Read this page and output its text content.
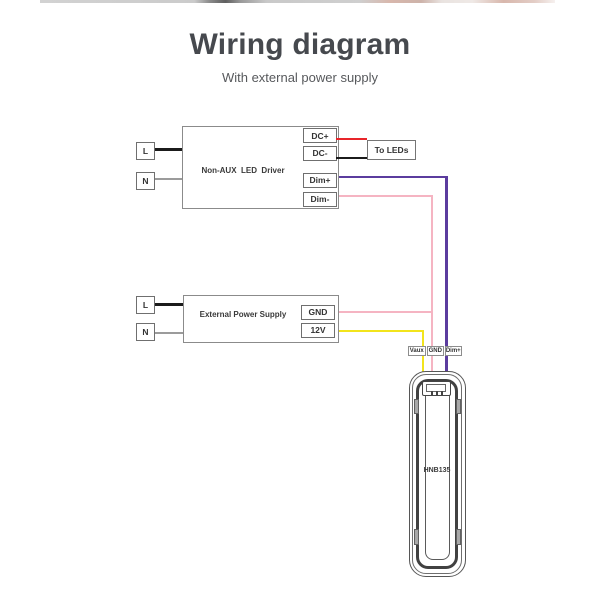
Wiring diagram
With external power supply
L
N
Non-AUX  LED  Driver
DC+
DC-
Dim+
Dim-
To LEDs
L
N
External Power Supply	GND
12V
Vaux GND Dim+
HNB135
